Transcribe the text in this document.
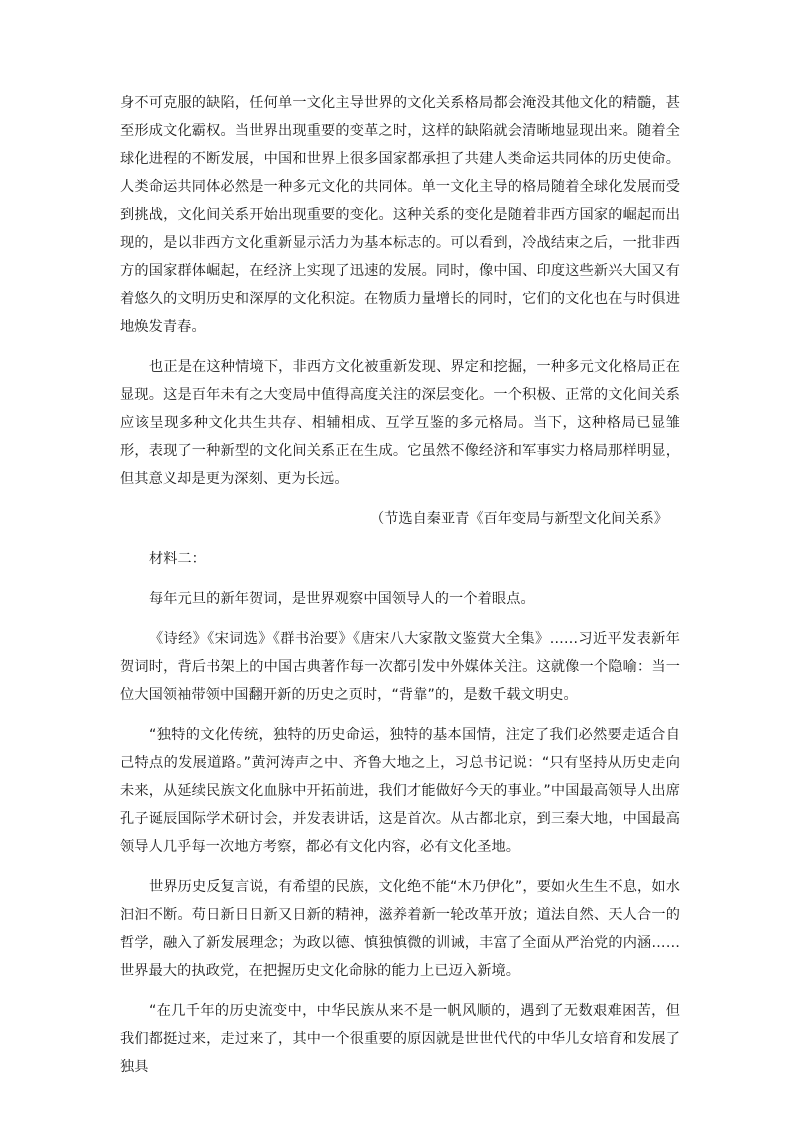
身不可克服的缺陷，任何单一文化主导世界的文化关系格局都会淹没其他文化的精髓，甚至形成文化霸权。当世界出现重要的变革之时，这样的缺陷就会清晰地显现出来。随着全球化进程的不断发展，中国和世界上很多国家都承担了共建人类命运共同体的历史使命。人类命运共同体必然是一种多元文化的共同体。单一文化主导的格局随着全球化发展而受到挑战，文化间关系开始出现重要的变化。这种关系的变化是随着非西方国家的崛起而出现的，是以非西方文化重新显示活力为基本标志的。可以看到，冷战结束之后，一批非西方的国家群体崛起，在经济上实现了迅速的发展。同时，像中国、印度这些新兴大国又有着悠久的文明历史和深厚的文化积淀。在物质力量增长的同时，它们的文化也在与时俱进地焕发青春。

也正是在这种情境下，非西方文化被重新发现、界定和挖掘，一种多元文化格局正在显现。这是百年未有之大变局中值得高度关注的深层变化。一个积极、正常的文化间关系应该呈现多种文化共生共存、相辅相成、互学互鉴的多元格局。当下，这种格局已显雏形，表现了一种新型的文化间关系正在生成。它虽然不像经济和军事实力格局那样明显，但其意义却是更为深刻、更为长远。

（节选自秦亚青《百年变局与新型文化间关系》

材料二：

每年元旦的新年贺词，是世界观察中国领导人的一个着眼点。

《诗经》《宋词选》《群书治要》《唐宋八大家散文鉴赏大全集》……习近平发表新年贺词时，背后书架上的中国古典著作每一次都引发中外媒体关注。这就像一个隐喻：当一位大国领袖带领中国翻开新的历史之页时，“背靠”的，是数千载文明史。

“独特的文化传统，独特的历史命运，独特的基本国情，注定了我们必然要走适合自己特点的发展道路。”黄河涛声之中、齐鲁大地之上，习总书记说：“只有坚持从历史走向未来，从延续民族文化血脉中开拓前进，我们才能做好今天的事业。”中国最高领导人出席孔子诞辰国际学术研讨会，并发表讲话，这是首次。从古都北京，到三秦大地，中国最高领导人几乎每一次地方考察，都必有文化内容，必有文化圣地。

世界历史反复言说，有希望的民族，文化绝不能“木乃伊化”，要如火生生不息，如水汩汩不断。苟日新日日新又日新的精神，滋养着新一轮改革开放；道法自然、天人合一的哲学，融入了新发展理念；为政以德、慎独慎微的训诫，丰富了全面从严治党的内涵……世界最大的执政党，在把握历史文化命脉的能力上已迈入新境。

“在几千年的历史流变中，中华民族从来不是一帆风顺的，遇到了无数艰难困苦，但我们都挺过来，走过来了，其中一个很重要的原因就是世世代代的中华儿女培育和发展了独具
